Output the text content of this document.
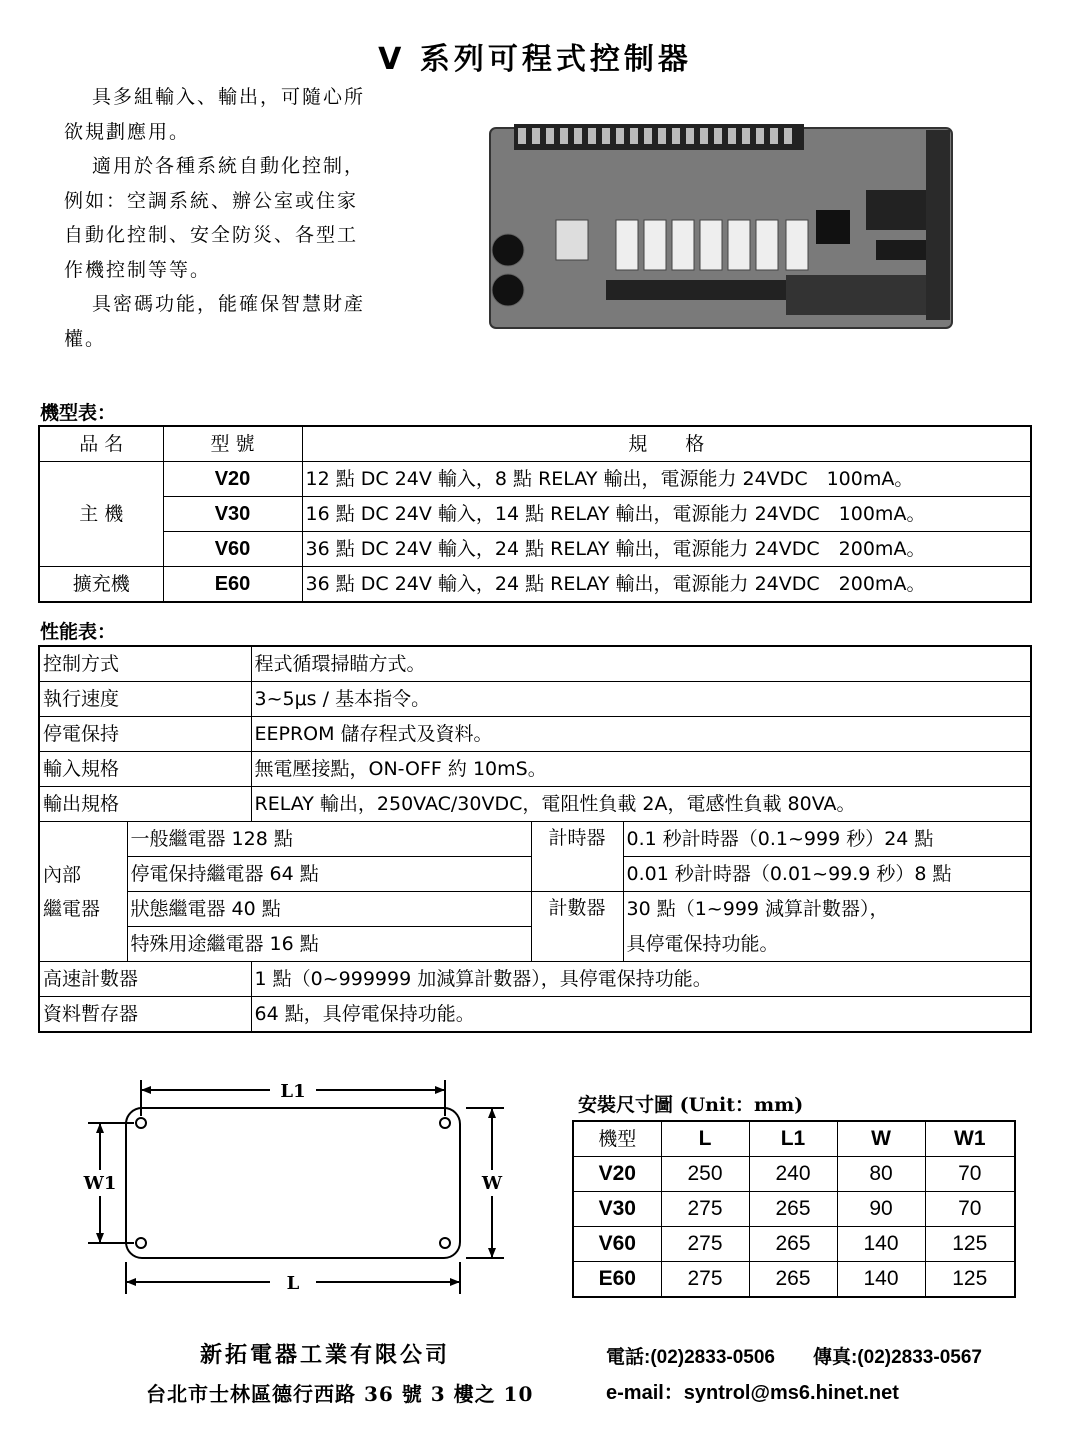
V 系列可程式控制器

具多組輸入、輸出，可隨心所

欲規劃應用。

適用於各種系統自動化控制，

例如：空調系統、辦公室或住家

自動化控制、安全防災、各型工

作機控制等等。

具密碼功能，能確保智慧財產

權。

機型表：
品 名	型 號	規　　格
主 機	V20	12 點 DC 24V 輸入，8 點 RELAY 輸出，電源能力 24VDC　100mA。
	V30	16 點 DC 24V 輸入，14 點 RELAY 輸出，電源能力 24VDC　100mA。
	V60	36 點 DC 24V 輸入，24 點 RELAY 輸出，電源能力 24VDC　200mA。
擴充機	E60	36 點 DC 24V 輸入，24 點 RELAY 輸出，電源能力 24VDC　200mA。
性能表：
控制方式		程式循環掃瞄方式。		
執行速度		3~5μs / 基本指令。		
停電保持		EEPROM 儲存程式及資料。		
輸入規格		無電壓接點，ON-OFF 約 10mS。		
輸出規格		RELAY 輸出，250VAC/30VDC，電阻性負載 2A，電感性負載 80VA。		

內部
繼電器	一般繼電器 128 點		計時器	0.1 秒計時器（0.1~999 秒）24 點
	停電保持繼電器 64 點			0.01 秒計時器（0.01~99.9 秒）8 點
	狀態繼電器 40 點		計數器	30 點（1~999 減算計數器），
	特殊用途繼電器 16 點			具停電保持功能。
高速計數器		1 點（0~999999 加減算計數器），具停電保持功能。		
資料暫存器		64 點，具停電保持功能。		
L1
L
W1	W
安裝尺寸圖 (Unit：mm)
機型	L	L1	W	W1
V20	250	240	80	70
V30	275	265	90	70
V60	275	265	140	125
E60	275	265	140	125
新拓電器工業有限公司
台北市士林區德行西路 36 號 3 樓之 10
電話:(02)2833-0506　　傳真:(02)2833-0567
e-mail：syntrol@ms6.hinet.net
